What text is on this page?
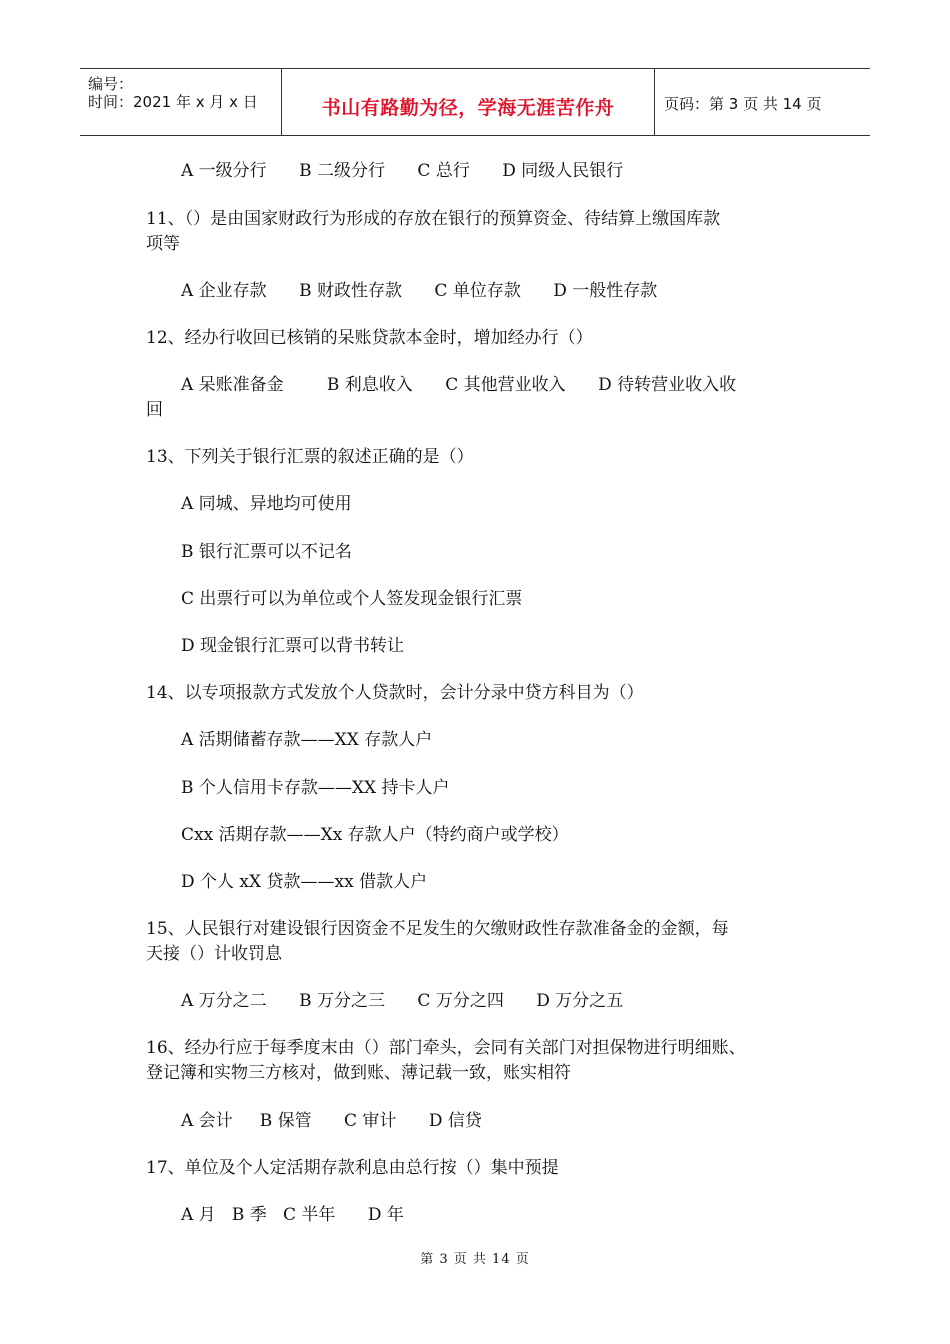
编号：
时间：2021 年 x 月 x 日	书山有路勤为径，学海无涯苦作舟	页码：第 3 页 共 14 页
A 一级分行      B 二级分行      C 总行      D 同级人民银行
11、（）是由国家财政行为形成的存放在银行的预算资金、待结算上缴国库款
项等
A 企业存款      B 财政性存款      C 单位存款      D 一般性存款
12、经办行收回已核销的呆账贷款本金时，增加经办行（）
A 呆账准备金        B 利息收入      C 其他营业收入      D 待转营业收入收
回
13、下列关于银行汇票的叙述正确的是（）
A 同城、异地均可使用
B 银行汇票可以不记名
C 出票行可以为单位或个人签发现金银行汇票
D 现金银行汇票可以背书转让
14、以专项报款方式发放个人贷款时，会计分录中贷方科目为（）
A 活期储蓄存款——XX 存款人户
B 个人信用卡存款——XX 持卡人户
Cxx 活期存款——Xx 存款人户（特约商户或学校）
D 个人 xX 贷款——xx 借款人户
15、人民银行对建设银行因资金不足发生的欠缴财政性存款准备金的金额，每
天接（）计收罚息
A 万分之二      B 万分之三      C 万分之四      D 万分之五
16、经办行应于每季度末由（）部门牵头，会同有关部门对担保物进行明细账、
登记簿和实物三方核对，做到账、薄记载一致，账实相符
A 会计     B 保管      C 审计      D 信贷
17、单位及个人定活期存款利息由总行按（）集中预提
A 月   B 季   C 半年      D 年
第 3 页 共 14 页
